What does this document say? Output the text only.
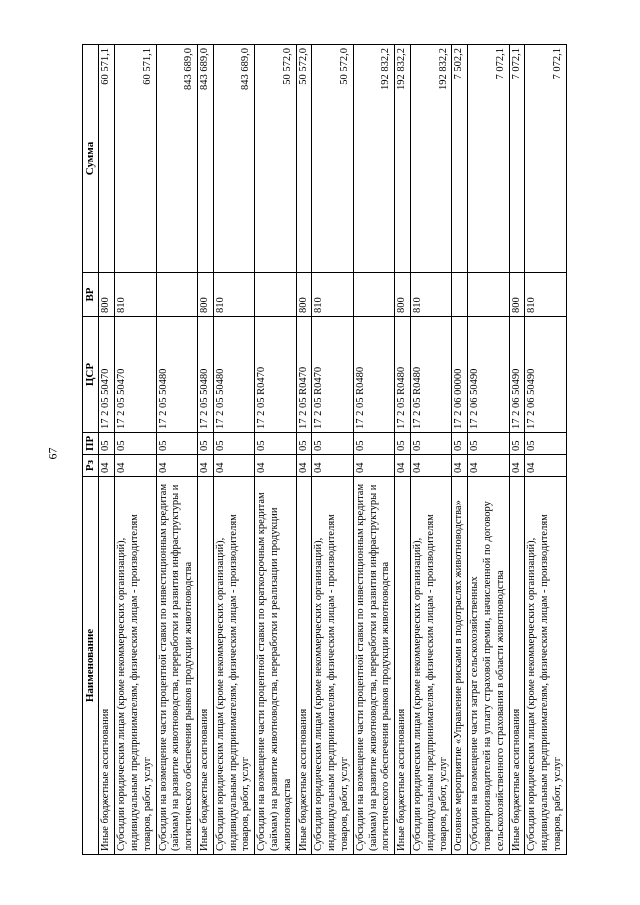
67
Наименование	Рз	ПР	ЦСР	ВР	Сумма
Иные бюджетные ассигнования	04	05	17 2 05 50470	800	60 571,1
Субсидии юридическим лицам (кроме некоммерческих организаций), индивидуальным предпринимателям, физическим лицам - производителям товаров, работ, услуг	04	05	17 2 05 50470	810	60 571,1
Субсидии на возмещение части процентной ставки по инвестиционным кредитам (займам) на развитие животноводства, переработки и развития инфраструктуры и логистического обеспечения рынков продукции животноводства	04	05	17 2 05 50480		843 689,0
Иные бюджетные ассигнования	04	05	17 2 05 50480	800	843 689,0
Субсидии юридическим лицам (кроме некоммерческих организаций), индивидуальным предпринимателям, физическим лицам - производителям товаров, работ, услуг	04	05	17 2 05 50480	810	843 689,0
Субсидии на возмещение части процентной ставки по краткосрочным кредитам (займам) на развитие животноводства, переработки и реализации продукции животноводства	04	05	17 2 05 R0470		50 572,0
Иные бюджетные ассигнования	04	05	17 2 05 R0470	800	50 572,0
Субсидии юридическим лицам (кроме некоммерческих организаций), индивидуальным предпринимателям, физическим лицам - производителям товаров, работ, услуг	04	05	17 2 05 R0470	810	50 572,0
Субсидии на возмещение части процентной ставки по инвестиционным кредитам (займам) на развитие животноводства, переработки и развития инфраструктуры и логистического обеспечения рынков продукции животноводства	04	05	17 2 05 R0480		192 832,2
Иные бюджетные ассигнования	04	05	17 2 05 R0480	800	192 832,2
Субсидии юридическим лицам (кроме некоммерческих организаций), индивидуальным предпринимателям, физическим лицам - производителям товаров, работ, услуг	04	05	17 2 05 R0480	810	192 832,2
Основное мероприятие «Управление рисками в подотраслях животноводства»	04	05	17 2 06 00000		7 502,2
Субсидии на возмещение части затрат сельскохозяйственных товаропроизводителей на уплату страховой премии, начисленной по договору сельскохозяйственного страхования в области животноводства	04	05	17 2 06 50490		7 072,1
Иные бюджетные ассигнования	04	05	17 2 06 50490	800	7 072,1
Субсидии юридическим лицам (кроме некоммерческих организаций), индивидуальным предпринимателям, физическим лицам - производителям товаров, работ, услуг	04	05	17 2 06 50490	810	7 072,1
